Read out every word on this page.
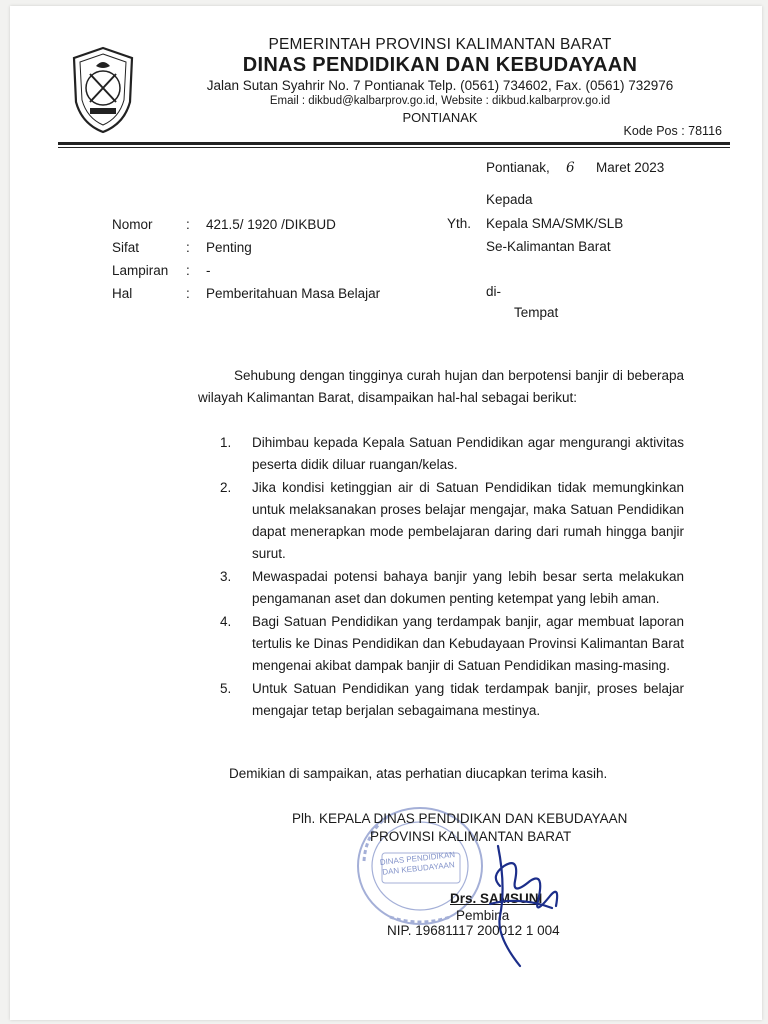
PEMERINTAH PROVINSI KALIMANTAN BARAT
DINAS PENDIDIKAN DAN KEBUDAYAAN
Jalan Sutan Syahrir No. 7 Pontianak Telp. (0561) 734602, Fax. (0561) 732976
Email : dikbud@kalbarprov.go.id, Website : dikbud.kalbarprov.go.id
PONTIANAK
Kode Pos : 78116
Pontianak, 6 Maret 2023
Kepada
Yth. Kepala SMA/SMK/SLB
Se-Kalimantan Barat
di-
Tempat
Nomor : 421.5/ 1920 /DIKBUD
Sifat	: Penting
Lampiran : -
Hal	: Pemberitahuan Masa Belajar
Sehubung dengan tingginya curah hujan dan berpotensi banjir di beberapa wilayah Kalimantan Barat, disampaikan hal-hal sebagai berikut:
1. Dihimbau kepada Kepala Satuan Pendidikan agar mengurangi aktivitas peserta didik diluar ruangan/kelas.
2. Jika kondisi ketinggian air di Satuan Pendidikan tidak memungkinkan untuk melaksanakan proses belajar mengajar, maka Satuan Pendidikan dapat menerapkan mode pembelajaran daring dari rumah hingga banjir surut.
3. Mewaspadai potensi bahaya banjir yang lebih besar serta melakukan pengamanan aset dan dokumen penting ketempat yang lebih aman.
4. Bagi Satuan Pendidikan yang terdampak banjir, agar membuat laporan tertulis ke Dinas Pendidikan dan Kebudayaan Provinsi Kalimantan Barat mengenai akibat dampak banjir di Satuan Pendidikan masing-masing.
5. Untuk Satuan Pendidikan yang tidak terdampak banjir, proses belajar mengajar tetap berjalan sebagaimana mestinya.
Demikian di sampaikan, atas perhatian diucapkan terima kasih.
DINAS PENDIDIKAN DAN KEBUDAYAAN
Plh. KEPALA DINAS PENDIDIKAN DAN KEBUDAYAAN
PROVINSI KALIMANTAN BARAT
Drs. SAMSUNI
Pembina
NIP. 19681117 200012 1 004
